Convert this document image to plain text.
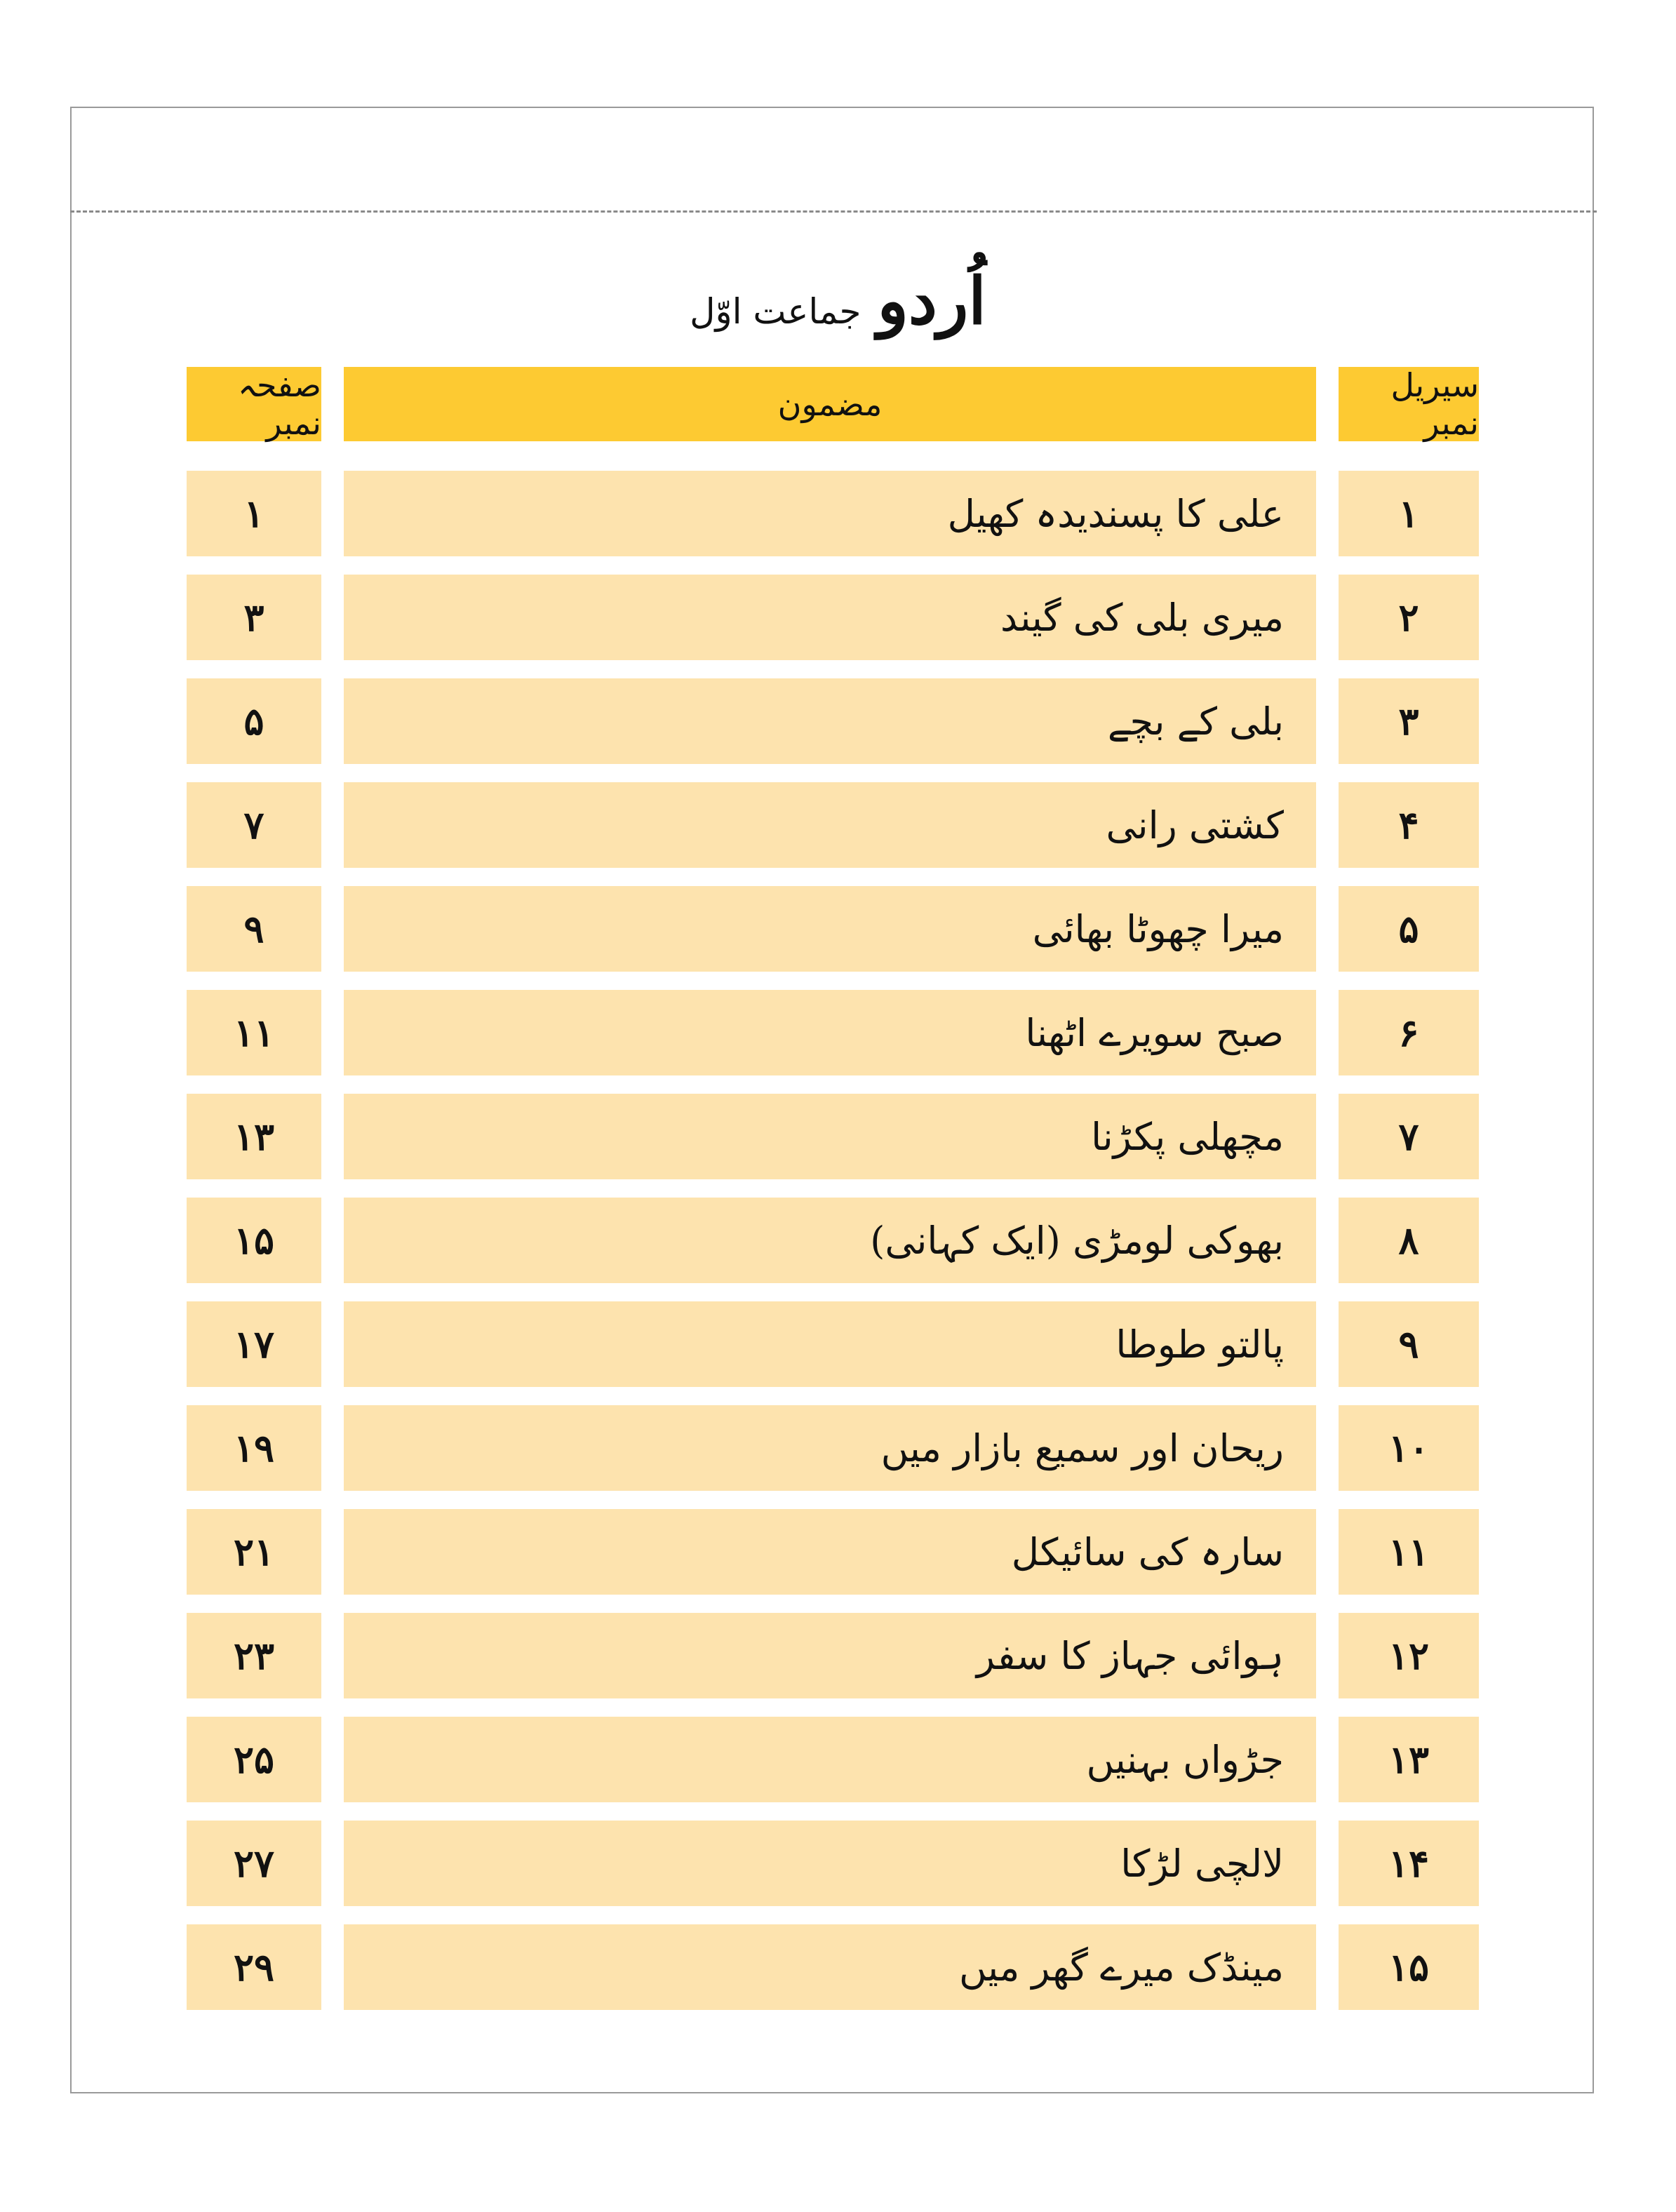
اُردو جماعت اوّل
صفحہ نمبر	مضمون	سیریل نمبر
۱	علی کا پسندیدہ کھیل	۱
۳	میری بلی کی گیند	۲
۵	بلی کے بچے	۳
۷	کشتی رانی	۴
۹	میرا چھوٹا بھائی	۵
۱۱	صبح سویرے اٹھنا	۶
۱۳	مچھلی پکڑنا	۷
۱۵	بھوکی لومڑی (ایک کہانی)	۸
۱۷	پالتو طوطا	۹
۱۹	ریحان اور سمیع بازار میں	۱۰
۲۱	سارہ کی سائیکل	۱۱
۲۳	ہوائی جہاز کا سفر	۱۲
۲۵	جڑواں بہنیں	۱۳
۲۷	لالچی لڑکا	۱۴
۲۹	مینڈک میرے گھر میں	۱۵
